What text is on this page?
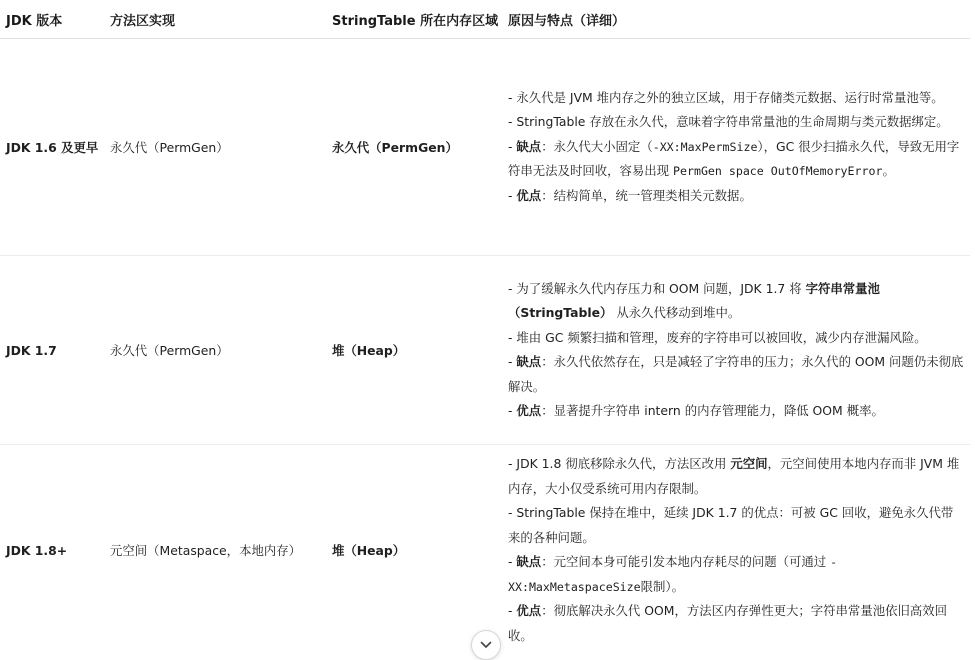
JDK 版本	方法区实现	StringTable 所在内存区域	原因与特点（详细）
JDK 1.6 及更早	永久代（PermGen）	永久代（PermGen）	- 永久代是 JVM 堆内存之外的独立区域，用于存储类元数据、运行时常量池等。

- StringTable 存放在永久代，意味着字符串常量池的生命周期与类元数据绑定。

- 缺点：永久代大小固定（-XX:MaxPermSize），GC 很少扫描永久代，导致无用字符串无法及时回收，容易出现 PermGen space OutOfMemoryError。

- 优点：结构简单，统一管理类相关元数据。

JDK 1.7	永久代（PermGen）	堆（Heap）	- 为了缓解永久代内存压力和 OOM 问题，JDK 1.7 将 字符串常量池（StringTable） 从永久代移动到堆中。

- 堆由 GC 频繁扫描和管理，废弃的字符串可以被回收，减少内存泄漏风险。

- 缺点：永久代依然存在，只是减轻了字符串的压力；永久代的 OOM 问题仍未彻底解决。

- 优点：显著提升字符串 intern 的内存管理能力，降低 OOM 概率。

JDK 1.8+	元空间（Metaspace，本地内存）	堆（Heap）	- JDK 1.8 彻底移除永久代，方法区改用 元空间，元空间使用本地内存而非 JVM 堆内存，大小仅受系统可用内存限制。

- StringTable 保持在堆中，延续 JDK 1.7 的优点：可被 GC 回收，避免永久代带来的各种问题。

- 缺点：元空间本身可能引发本地内存耗尽的问题（可通过 -XX:MaxMetaspaceSize限制）。

- 优点：彻底解决永久代 OOM，方法区内存弹性更大；字符串常量池依旧高效回收。
